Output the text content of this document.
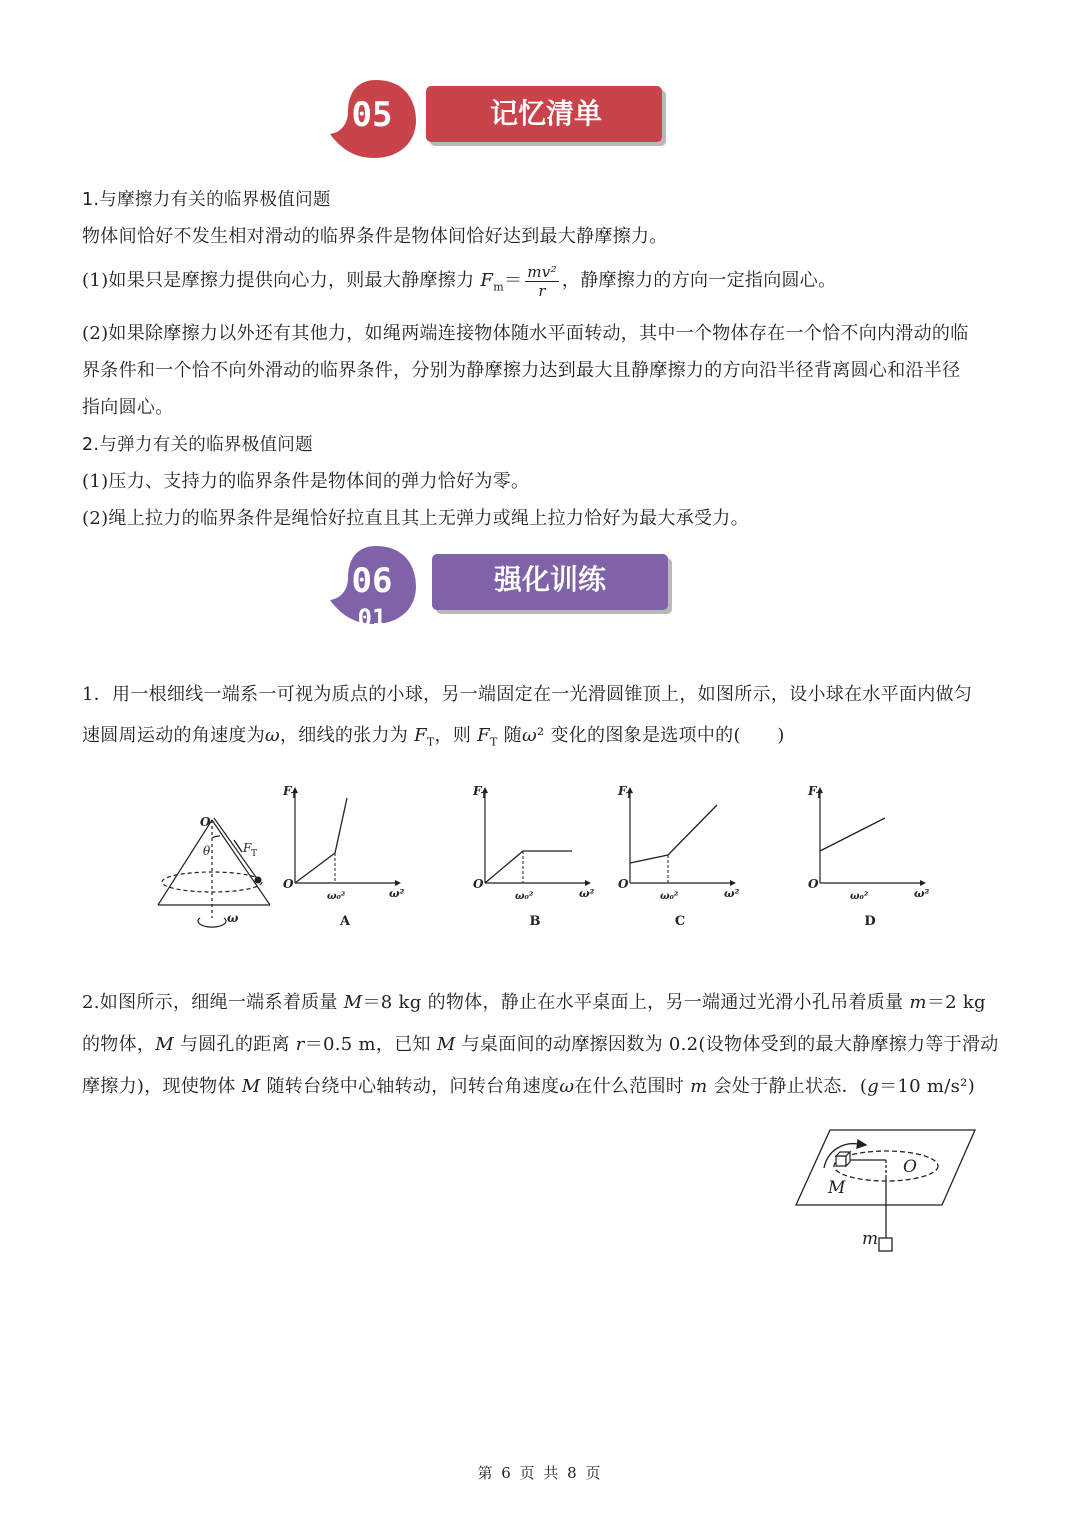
05	记忆清单
1.与摩擦力有关的临界极值问题
物体间恰好不发生相对滑动的临界条件是物体间恰好达到最大静摩擦力。
(1)如果只是摩擦力提供向心力，则最大静摩擦力 $F_m= \frac{\text{mv²}}{r}$ ，静摩擦力的方向一定指向圆心。
(2)如果除摩擦力以外还有其他力，如绳两端连接物体随水平面转动，其中一个物体存在一个恰不向内滑动的临
界条件和一个恰不向外滑动的临界条件，分别为静摩擦力达到最大且静摩擦力的方向沿半径背离圆心和沿半径
指向圆心。
2.与弹力有关的临界极值问题
(1)压力、支持力的临界条件是物体间的弹力恰好为零。
(2)绳上拉力的临界条件是绳恰好拉直且其上无弹力或绳上拉力恰好为最大承受力。
06
01
强化训练
1．用一根细线一端系一可视为质点的小球，另一端固定在一光滑圆锥顶上，如图所示，设小球在水平面内做匀
速圆周运动的角速度为ω，细线的张力为 $F_T$，则 $F_T$ 随ω² 变化的图象是选项中的(　　)
O
θ	F T
ω
F T
O
ω₀²	ω²
A
F T
O
ω₀²	ω²
B
F T
O
ω₀²	ω²
C
F T
O
ω₀²	ω²
D
2.如图所示，细绳一端系着质量 M＝8 kg 的物体，静止在水平桌面上，另一端通过光滑小孔吊着质量 m＝2 kg
的物体，M 与圆孔的距离 r＝0.5 m，已知 M 与桌面间的动摩擦因数为 0.2(设物体受到的最大静摩擦力等于滑动
摩擦力)，现使物体 M 随转台绕中心轴转动，问转台角速度ω在什么范围时 m 会处于静止状态．(g＝10 m/s²)
O
M
m
第 6 页 共 8 页
